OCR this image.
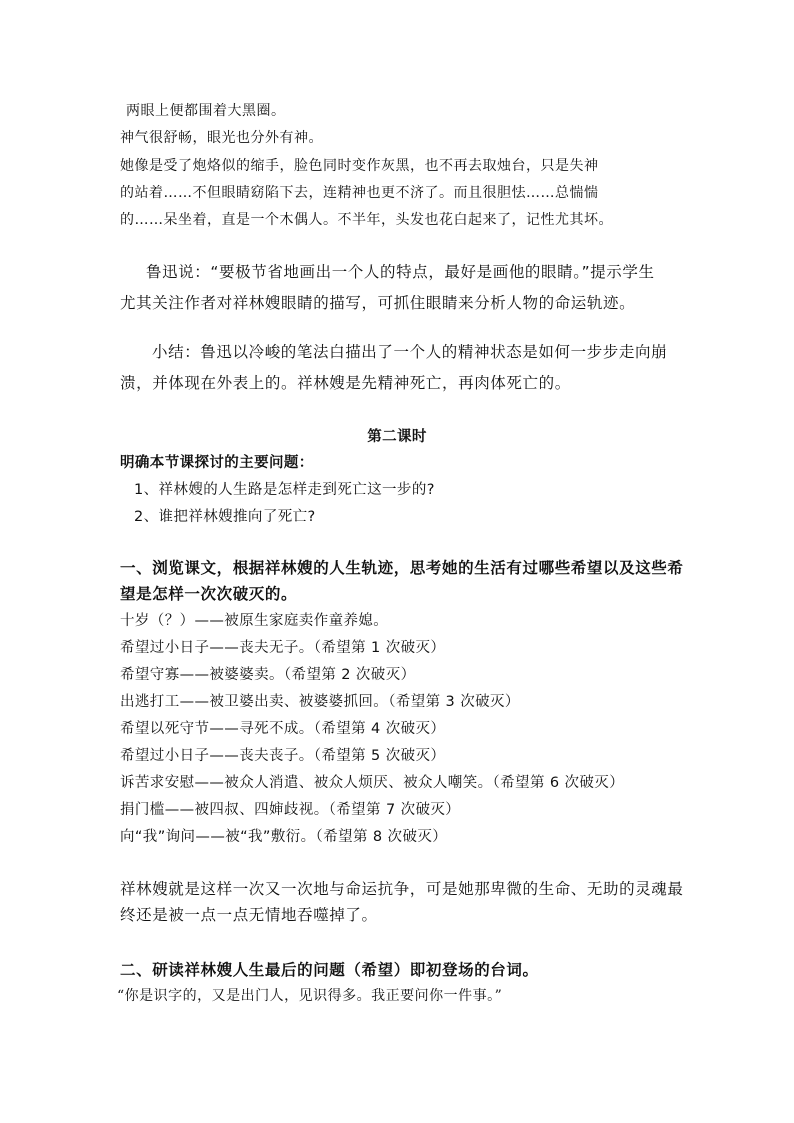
两眼上便都围着大黑圈。
神气很舒畅，眼光也分外有神。
她像是受了炮烙似的缩手，脸色同时变作灰黑，也不再去取烛台，只是失神
的站着……不但眼睛窈陷下去，连精神也更不济了。而且很胆怯……总惴惴
的……呆坐着，直是一个木偶人。不半年，头发也花白起来了，记性尤其坏。
鲁迅说：“要极节省地画出一个人的特点，最好是画他的眼睛。”提示学生
尤其关注作者对祥林嫂眼睛的描写，可抓住眼睛来分析人物的命运轨迹。
小结：鲁迅以冷峻的笔法白描出了一个人的精神状态是如何一步步走向崩
溃，并体现在外表上的。祥林嫂是先精神死亡，再肉体死亡的。
第二课时
明确本节课探讨的主要问题：
1、祥林嫂的人生路是怎样走到死亡这一步的?
2、谁把祥林嫂推向了死亡?
一、浏览课文，根据祥林嫂的人生轨迹，思考她的生活有过哪些希望以及这些希
望是怎样一次次破灭的。
十岁（？）——被原生家庭卖作童养媳。
希望过小日子——丧夫无子。（希望第 1 次破灭）
希望守寡——被婆婆卖。（希望第 2 次破灭）
出逃打工——被卫婆出卖、被婆婆抓回。（希望第 3 次破灭）
希望以死守节——寻死不成。（希望第 4 次破灭）
希望过小日子——丧夫丧子。（希望第 5 次破灭）
诉苦求安慰——被众人消遣、被众人烦厌、被众人嘲笑。（希望第 6 次破灭）
捐门槛——被四叔、四婶歧视。（希望第 7 次破灭）
向“我”询问——被“我”敷衍。（希望第 8 次破灭）
祥林嫂就是这样一次又一次地与命运抗争，可是她那卑微的生命、无助的灵魂最
终还是被一点一点无情地吞噬掉了。
二、研读祥林嫂人生最后的问题（希望）即初登场的台词。
“你是识字的，又是出门人，见识得多。我正要问你一件事。”
